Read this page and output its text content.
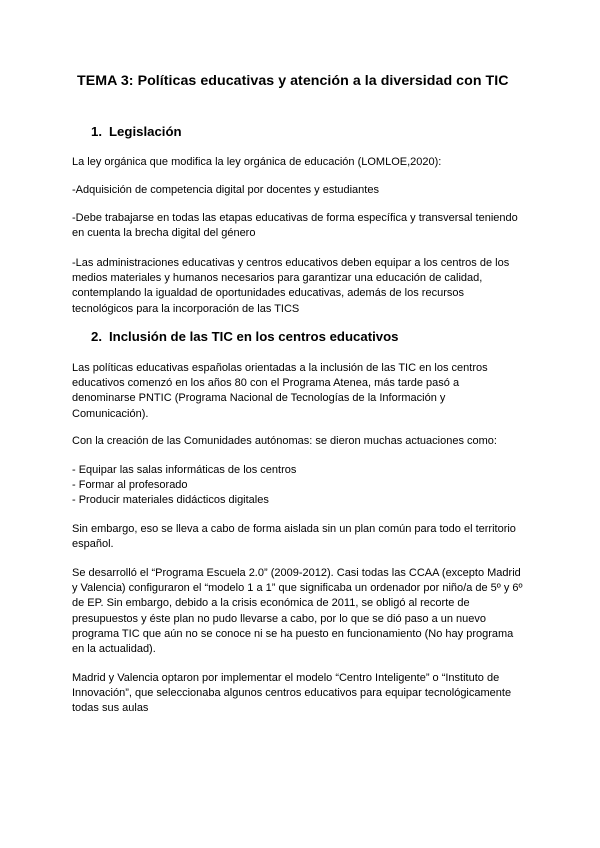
TEMA 3: Políticas educativas y atención a la diversidad con TIC
1. Legislación

La ley orgánica que modifica la ley orgánica de educación (LOMLOE,2020):

-Adquisición de competencia digital por docentes y estudiantes

-Debe trabajarse en todas las etapas educativas de forma específica y transversal teniendo
en cuenta la brecha digital del género

-Las administraciones educativas y centros educativos deben equipar a los centros de los
medios materiales y humanos necesarios para garantizar una educación de calidad,
contemplando la igualdad de oportunidades educativas, además de los recursos
tecnológicos para la incorporación de las TICS

2. Inclusión de las TIC en los centros educativos

Las políticas educativas españolas orientadas a la inclusión de las TIC en los centros
educativos comenzó en los años 80 con el Programa Atenea, más tarde pasó a
denominarse PNTIC (Programa Nacional de Tecnologías de la Información y
Comunicación).

Con la creación de las Comunidades autónomas: se dieron muchas actuaciones como:

- Equipar las salas informáticas de los centros
- Formar al profesorado
- Producir materiales didácticos digitales

Sin embargo, eso se lleva a cabo de forma aislada sin un plan común para todo el territorio
español.

Se desarrolló el “Programa Escuela 2.0” (2009-2012). Casi todas las CCAA (excepto Madrid
y Valencia) configuraron el “modelo 1 a 1” que significaba un ordenador por niño/a de 5º y 6º
de EP. Sin embargo, debido a la crisis económica de 2011, se obligó al recorte de
presupuestos y éste plan no pudo llevarse a cabo, por lo que se dió paso a un nuevo
programa TIC que aún no se conoce ni se ha puesto en funcionamiento (No hay programa
en la actualidad).

Madrid y Valencia optaron por implementar el modelo “Centro Inteligente” o “Instituto de
Innovación”, que seleccionaba algunos centros educativos para equipar tecnológicamente
todas sus aulas
